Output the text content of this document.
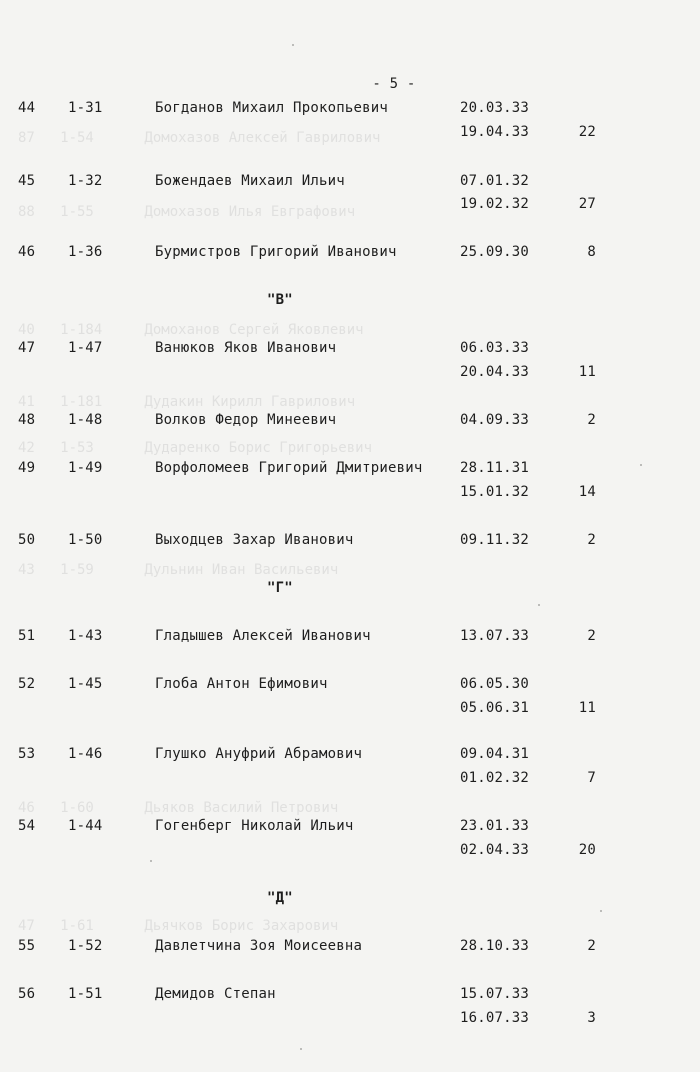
87   1-54      Домохазов Алексей Гаврилович
88   1-55      Домохазов Илья Евграфович
40   1-184     Домоханов Сергей Яковлевич
41   1-181     Дудакин Кирилл Гаврилович
42   1-53      Дударенко Борис Григорьевич
43   1-59      Дульнин Иван Васильевич
46   1-60      Дьяков Василий Петрович
47   1-61      Дьячков Борис Захарович
- 5 -
44	1-31	Богданов Михаил Прокопьевич	20.03.33
19.04.33	22
45	1-32	Божендаев Михаил Ильич	07.01.32
19.02.32	27
46	1-36	Бурмистров Григорий Иванович	25.09.30	8
"В"
47	1-47	Ванюков Яков Иванович	06.03.33
20.04.33	11
48	1-48	Волков Федор Минеевич	04.09.33	2
49	1-49	Ворфоломеев Григорий Дмитриевич	28.11.31
15.01.32	14
50	1-50	Выходцев Захар Иванович	09.11.32	2
"Г"
51	1-43	Гладышев Алексей Иванович	13.07.33	2
52	1-45	Глоба Антон Ефимович	06.05.30
05.06.31	11
53	1-46	Глушко Ануфрий Абрамович	09.04.31
01.02.32	7
54	1-44	Гогенберг Николай Ильич	23.01.33
02.04.33	20
"Д"
55	1-52	Давлетчина Зоя Моисеевна	28.10.33	2
56	1-51	Демидов Степан	15.07.33
16.07.33	3
